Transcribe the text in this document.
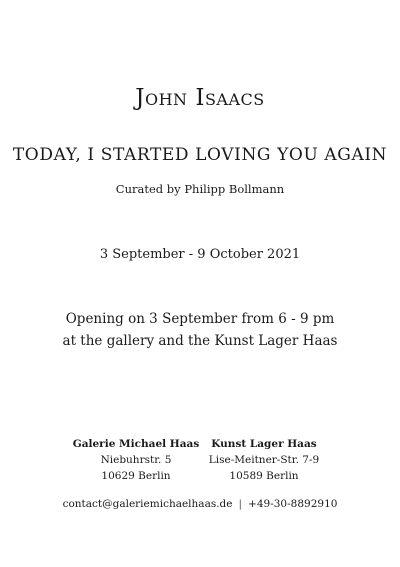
John Isaacs
TODAY, I STARTED LOVING YOU AGAIN
Curated by Philipp Bollmann
3 September - 9 October 2021
Opening on 3 September from 6 - 9 pm
at the gallery and the Kunst Lager Haas
Galerie Michael Haas
Niebuhrstr. 5
10629 Berlin
Kunst Lager Haas
Lise-Meitner-Str. 7-9
10589 Berlin
contact@galeriemichaelhaas.de | +49-30-8892910
